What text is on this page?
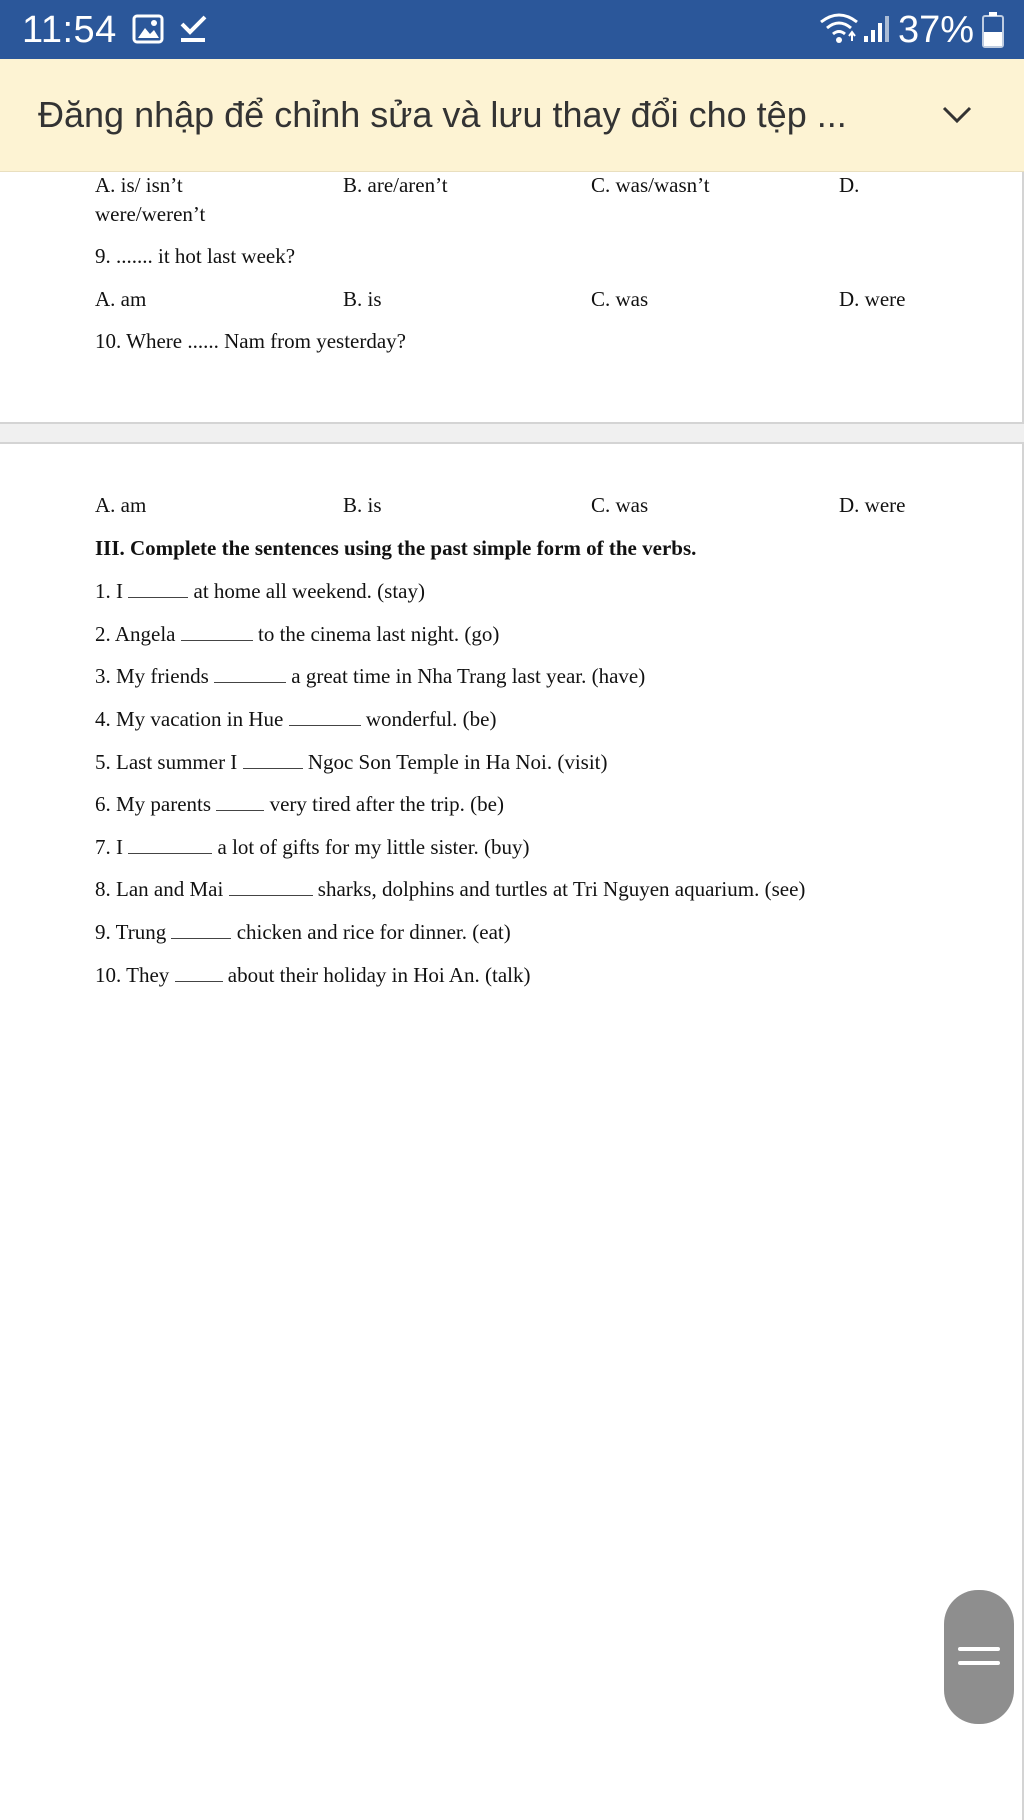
11:54	37%
Đăng nhập để chỉnh sửa và lưu thay đổi cho tệp ...
A. is/ isn’t	B. are/aren’t	C. was/wasn’t	D.
were/weren’t
9. ....... it hot last week?
A. am	B. is	C. was	D. were
10. Where ...... Nam from yesterday?
A. am	B. is	C. was	D. were
III. Complete the sentences using the past simple form of the verbs.
1. I	at home all weekend. (stay)
2. Angela	to the cinema last night. (go)
3. My friends	a great time in Nha Trang last year. (have)
4. My vacation in Hue	wonderful. (be)
5. Last summer I	Ngoc Son Temple in Ha Noi. (visit)
6. My parents	very tired after the trip. (be)
7. I	a lot of gifts for my little sister. (buy)
8. Lan and Mai	sharks, dolphins and turtles at Tri Nguyen aquarium. (see)
9. Trung	chicken and rice for dinner. (eat)
10. They	about their holiday in Hoi An. (talk)
